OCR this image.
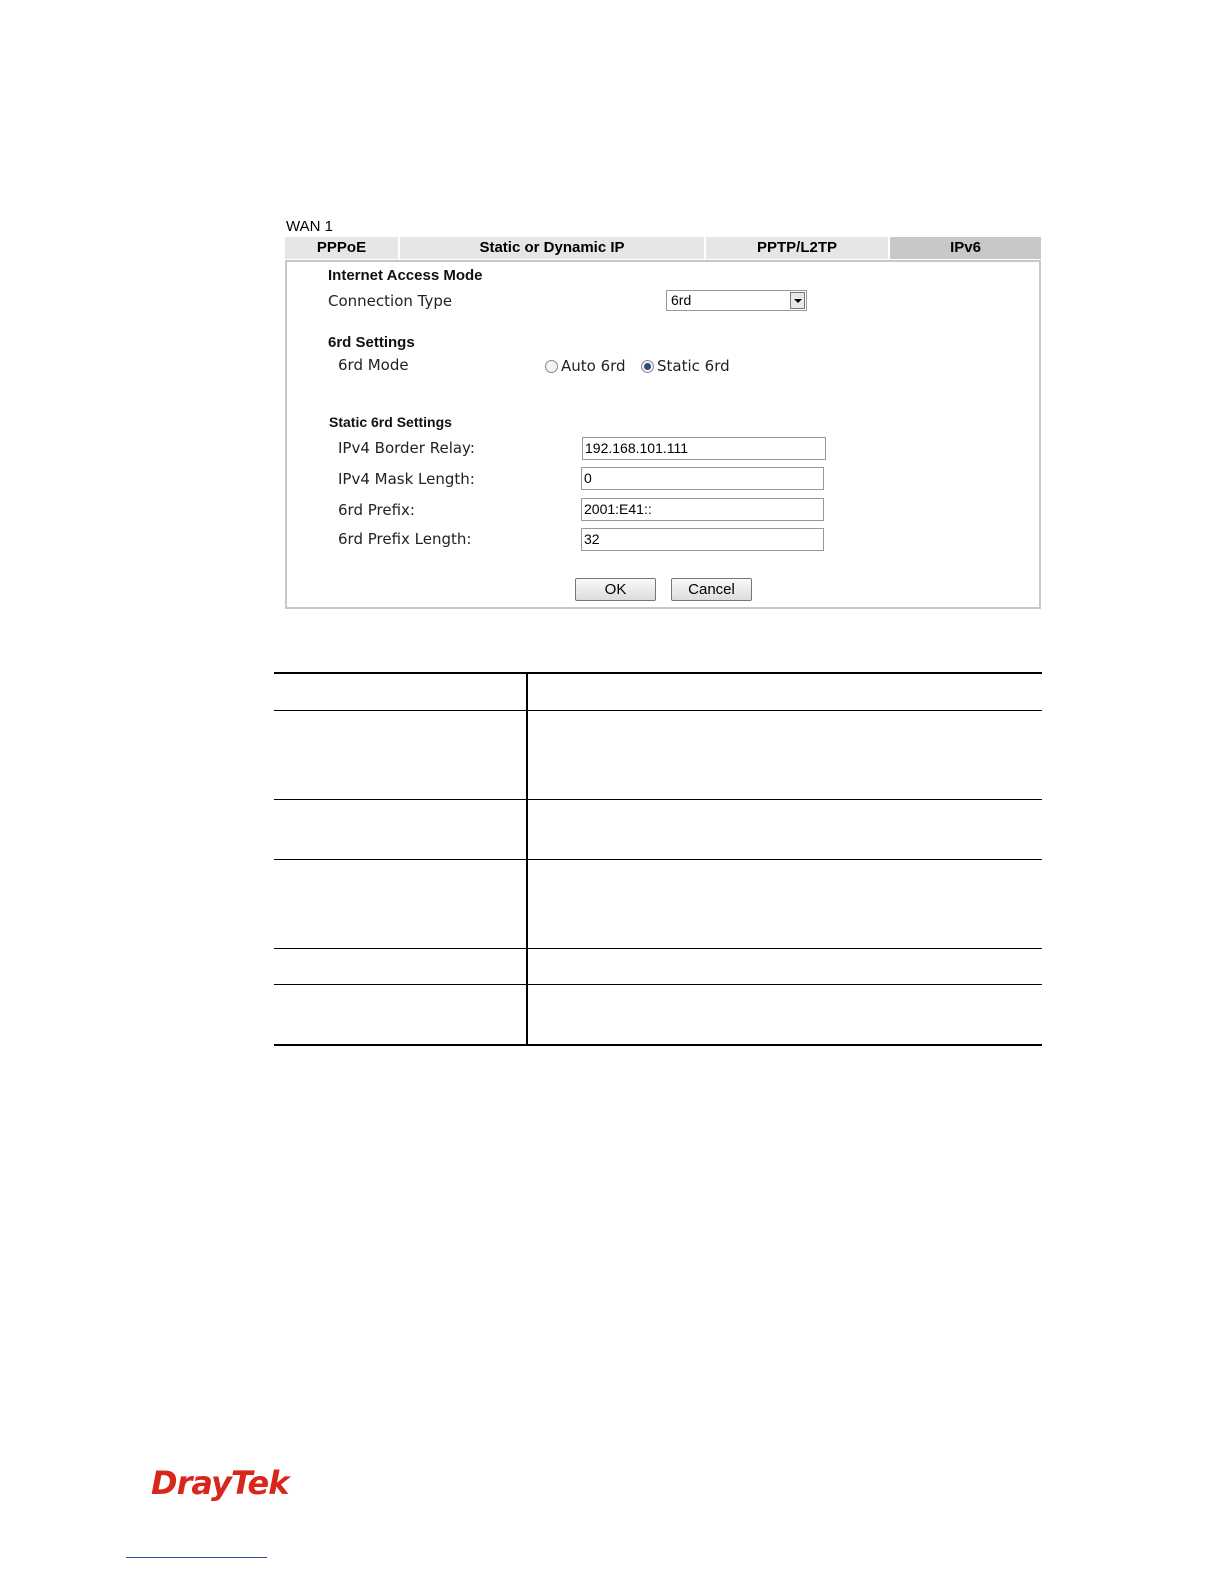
WAN 1
PPPoE	Static or Dynamic IP	PPTP/L2TP	IPv6
Internet Access Mode
Connection Type	6rd
6rd Settings
6rd Mode	Auto 6rd	Static 6rd
Static 6rd Settings
IPv4 Border Relay:	192.168.101.111
IPv4 Mask Length:	0
6rd Prefix:	2001:E41::
6rd Prefix Length:	32
OK	Cancel
DrayTek
